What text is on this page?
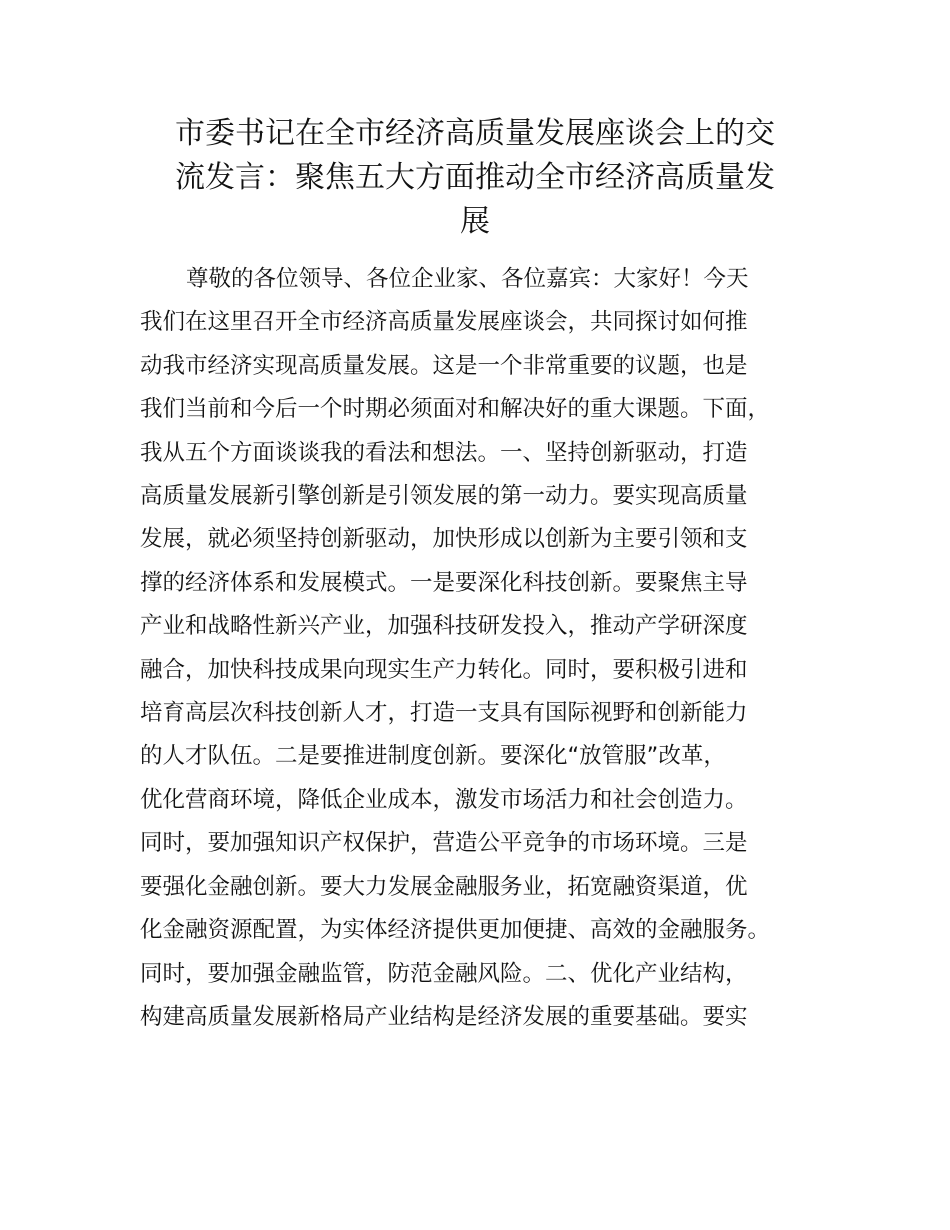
市委书记在全市经济高质量发展座谈会上的交
流发言：聚焦五大方面推动全市经济高质量发
展
尊敬的各位领导、各位企业家、各位嘉宾：大家好！今天
我们在这里召开全市经济高质量发展座谈会，共同探讨如何推
动我市经济实现高质量发展。这是一个非常重要的议题，也是
我们当前和今后一个时期必须面对和解决好的重大课题。下面，
我从五个方面谈谈我的看法和想法。一、坚持创新驱动，打造
高质量发展新引擎创新是引领发展的第一动力。要实现高质量
发展，就必须坚持创新驱动，加快形成以创新为主要引领和支
撑的经济体系和发展模式。一是要深化科技创新。要聚焦主导
产业和战略性新兴产业，加强科技研发投入，推动产学研深度
融合，加快科技成果向现实生产力转化。同时，要积极引进和
培育高层次科技创新人才，打造一支具有国际视野和创新能力
的人才队伍。二是要推进制度创新。要深化“放管服”改革，
优化营商环境，降低企业成本，激发市场活力和社会创造力。
同时，要加强知识产权保护，营造公平竞争的市场环境。三是
要强化金融创新。要大力发展金融服务业，拓宽融资渠道，优
化金融资源配置，为实体经济提供更加便捷、高效的金融服务。
同时，要加强金融监管，防范金融风险。二、优化产业结构，
构建高质量发展新格局产业结构是经济发展的重要基础。要实
